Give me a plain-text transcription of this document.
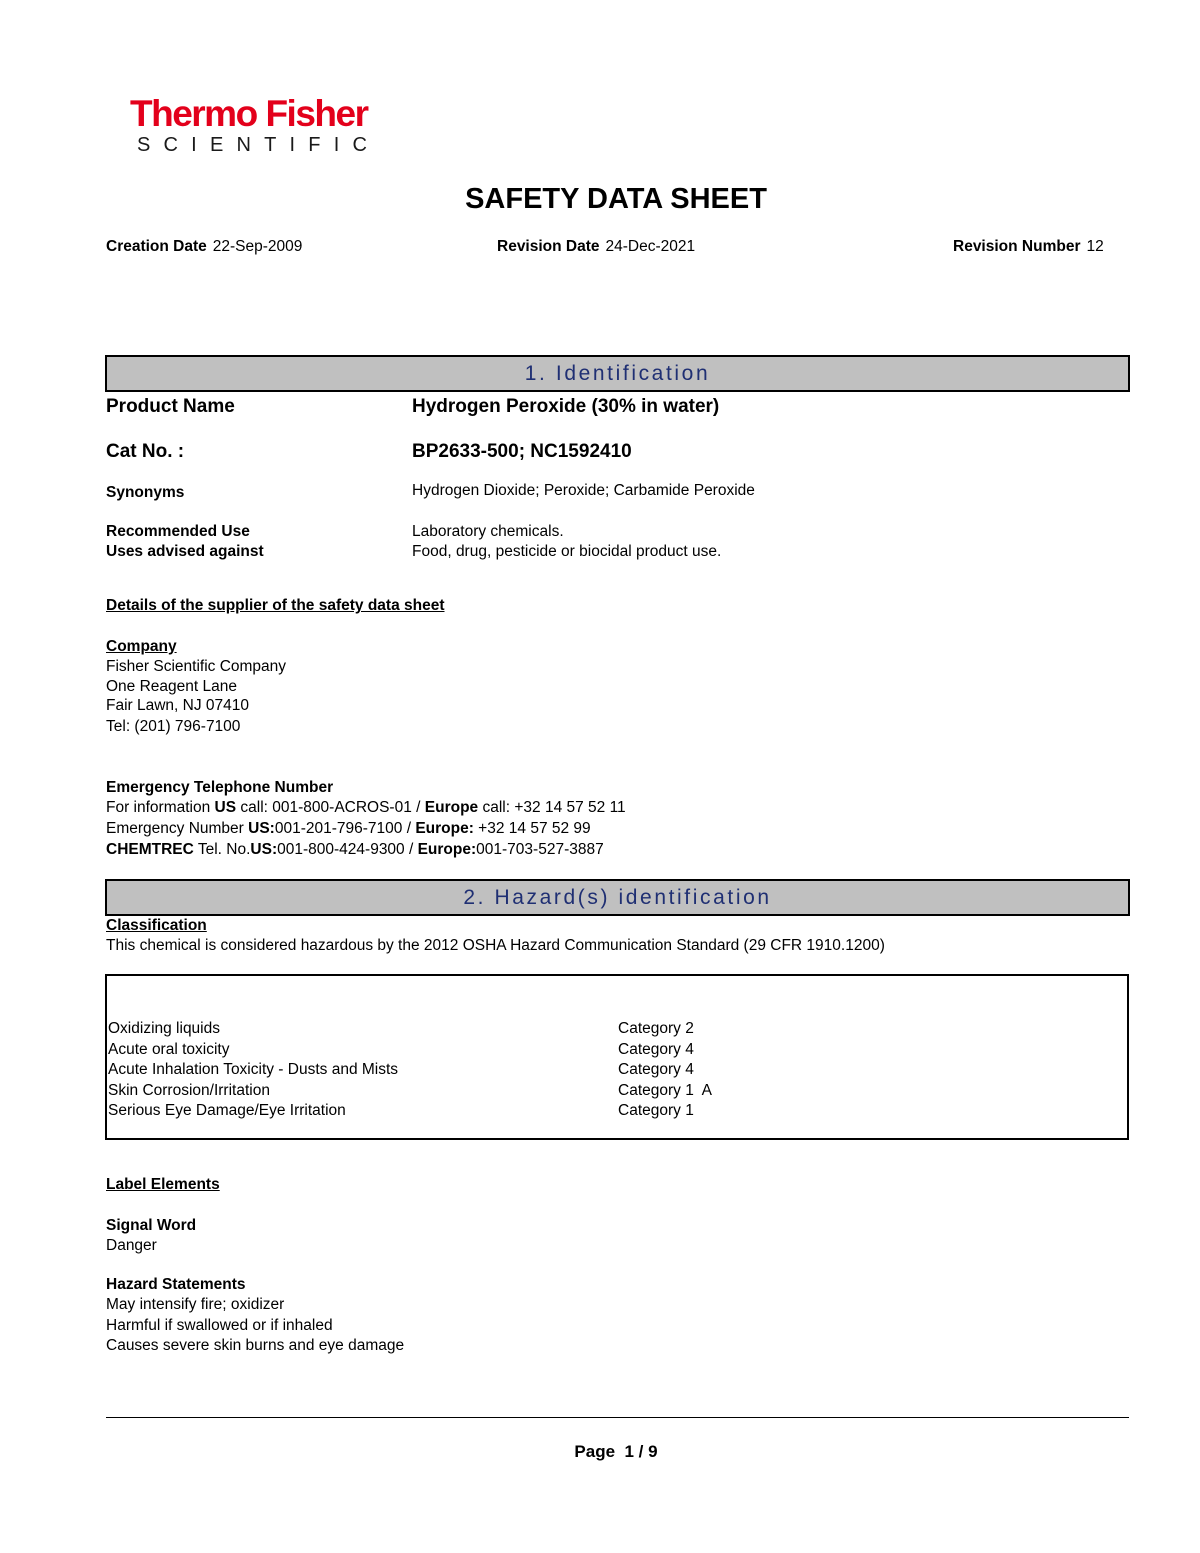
Thermo Fisher
SCIENTIFIC
SAFETY DATA SHEET
Creation Date 22-Sep-2009	Revision Date 24-Dec-2021	Revision Number 12
1. Identification
Product Name	Hydrogen Peroxide (30% in water)
Cat No. :	BP2633-500; NC1592410
Synonyms	Hydrogen Dioxide; Peroxide; Carbamide Peroxide
Recommended Use	Laboratory chemicals.
Uses advised against	Food, drug, pesticide or biocidal product use.
Details of the supplier of the safety data sheet
Company
Fisher Scientific Company
One Reagent Lane
Fair Lawn, NJ 07410
Tel: (201) 796-7100
Emergency Telephone Number
For information US call: 001-800-ACROS-01 / Europe call: +32 14 57 52 11
Emergency Number US:001-201-796-7100 / Europe: +32 14 57 52 99
CHEMTREC Tel. No.US:001-800-424-9300 / Europe:001-703-527-3887
2. Hazard(s) identification
Classification
This chemical is considered hazardous by the 2012 OSHA Hazard Communication Standard (29 CFR 1910.1200)
Oxidizing liquids	Category 2
Acute oral toxicity	Category 4
Acute Inhalation Toxicity - Dusts and Mists	Category 4
Skin Corrosion/Irritation	Category 1  A
Serious Eye Damage/Eye Irritation	Category 1
Label Elements
Signal Word
Danger
Hazard Statements
May intensify fire; oxidizer
Harmful if swallowed or if inhaled
Causes severe skin burns and eye damage
Page  1 / 9
